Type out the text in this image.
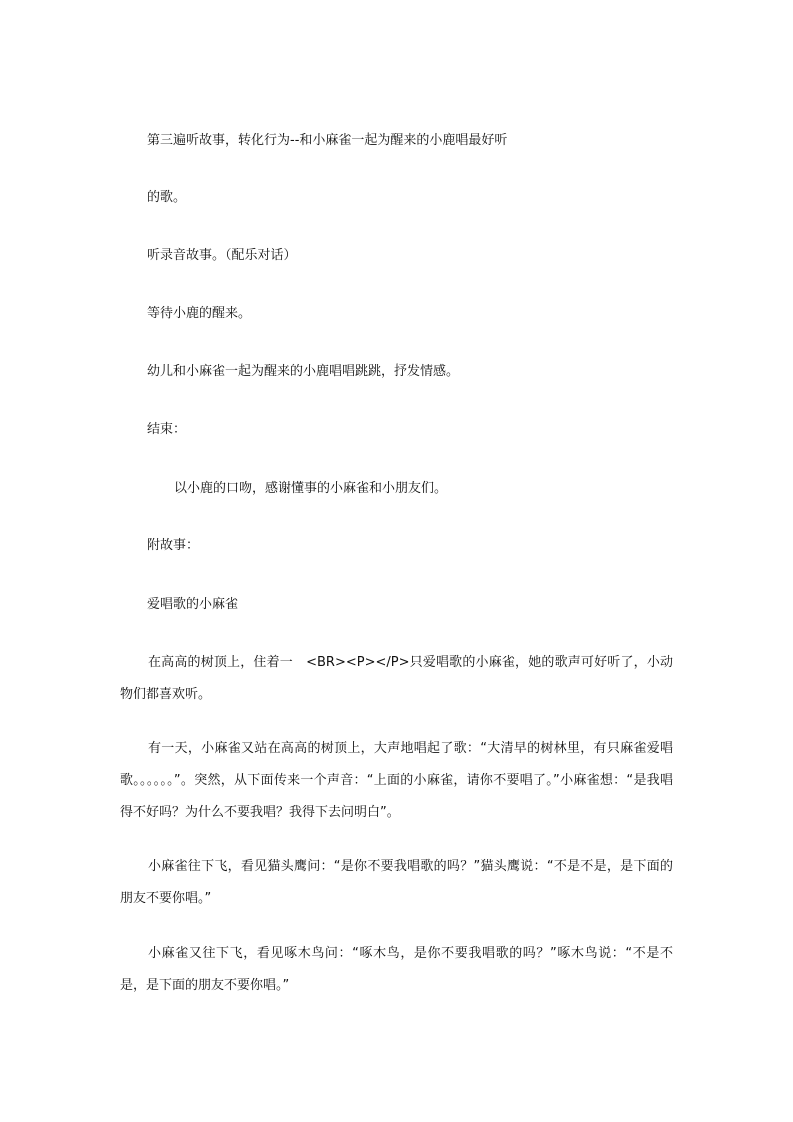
第三遍听故事，转化行为--和小麻雀一起为醒来的小鹿唱最好听

的歌。

听录音故事。（配乐对话）

等待小鹿的醒来。

幼儿和小麻雀一起为醒来的小鹿唱唱跳跳，抒发情感。

结束：

以小鹿的口吻，感谢懂事的小麻雀和小朋友们。

附故事：

爱唱歌的小麻雀

在高高的树顶上，住着一　<BR><P></P>只爱唱歌的小麻雀，她的歌声可好听了，小动物们都喜欢听。

有一天，小麻雀又站在高高的树顶上，大声地唱起了歌：“大清早的树林里，有只麻雀爱唱歌。。。。。。”。突然，从下面传来一个声音：“上面的小麻雀，请你不要唱了。”小麻雀想：“是我唱得不好吗？为什么不要我唱？我得下去问明白”。

小麻雀往下飞，看见猫头鹰问：“是你不要我唱歌的吗？”猫头鹰说：“不是不是，是下面的朋友不要你唱。”

小麻雀又往下飞，看见啄木鸟问：“啄木鸟，是你不要我唱歌的吗？”啄木鸟说：“不是不是，是下面的朋友不要你唱。”
